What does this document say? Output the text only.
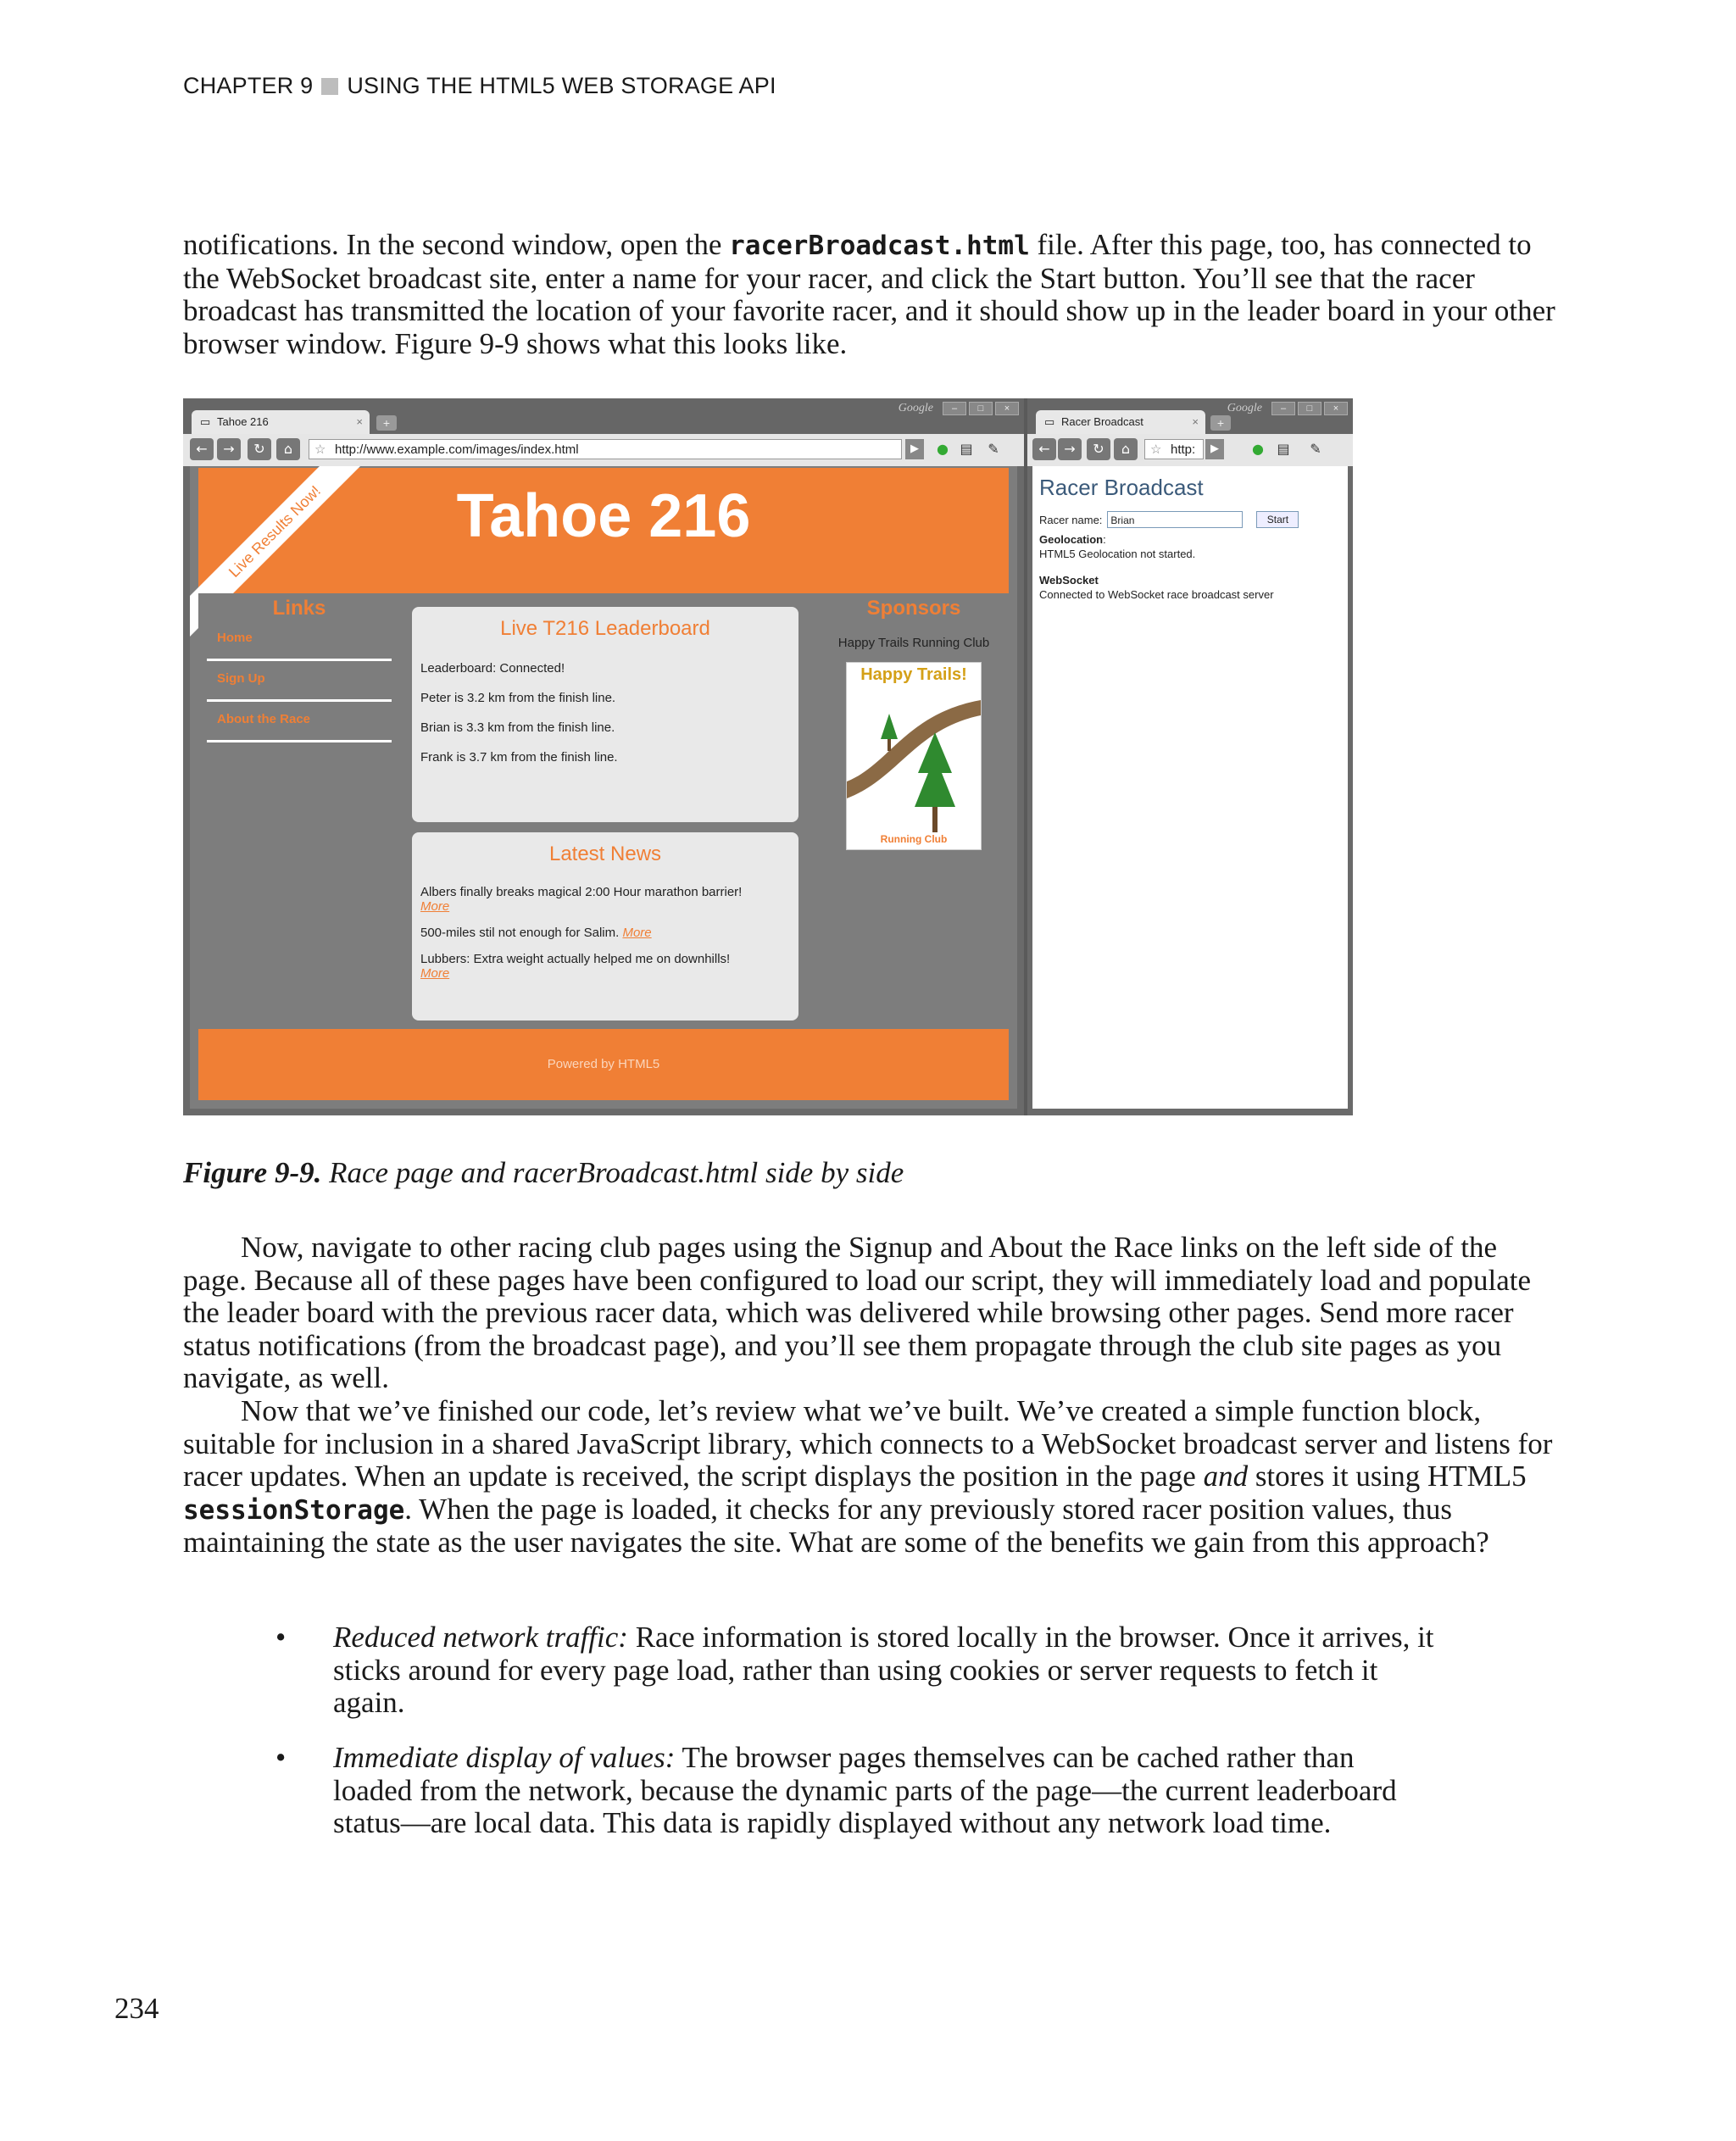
CHAPTER 9 USING THE HTML5 WEB STORAGE API

notifications. In the second window, open the racerBroadcast.html file. After this page, too, has connected to the WebSocket broadcast site, enter a name for your racer, and click the Start button. You’ll see that the racer broadcast has transmitted the location of your favorite racer, and it should show up in the leader board in your other browser window. Figure 9-9 shows what this looks like.

▭ Tahoe 216	×	+
Google	–	□	×
←	→	↻	⌂	☆ http://www.example.com/images/index.html	▶	● ▤ ✎
Tahoe 216
Live Results Now!
Links
Home
Sign Up
About the Race
Live T216 Leaderboard
Leaderboard: Connected!
Peter is 3.2 km from the finish line.
Brian is 3.3 km from the finish line.
Frank is 3.7 km from the finish line.
Latest News
Albers finally breaks magical 2:00 Hour marathon barrier!
More
500-miles stil not enough for Salim. More
Lubbers: Extra weight actually helped me on downhills!
More
Sponsors
Happy Trails Running Club
Happy Trails!
Running Club
Powered by HTML5
▭ Racer Broadcast	×	+
Google	–	□	×
←	→	↻	⌂	☆ http:	▶	● ▤ ✎
Racer Broadcast
Racer name: Brian	Start
Geolocation:
HTML5 Geolocation not started.
WebSocket
Connected to WebSocket race broadcast server
Figure 9-9. Race page and racerBroadcast.html side by side

Now, navigate to other racing club pages using the Signup and About the Race links on the left side of the page. Because all of these pages have been configured to load our script, they will immediately load and populate the leader board with the previous racer data, which was delivered while browsing other pages. Send more racer status notifications (from the broadcast page), and you’ll see them propagate through the club site pages as you navigate, as well.

Now that we’ve finished our code, let’s review what we’ve built. We’ve created a simple function block, suitable for inclusion in a shared JavaScript library, which connects to a WebSocket broadcast server and listens for racer updates. When an update is received, the script displays the position in the page and stores it using HTML5 sessionStorage. When the page is loaded, it checks for any previously stored racer position values, thus maintaining the state as the user navigates the site. What are some of the benefits we gain from this approach?

• Reduced network traffic: Race information is stored locally in the browser. Once it arrives, it sticks around for every page load, rather than using cookies or server requests to fetch it again.
• Immediate display of values: The browser pages themselves can be cached rather than loaded from the network, because the dynamic parts of the page—the current leaderboard status—are local data. This data is rapidly displayed without any network load time.
234
